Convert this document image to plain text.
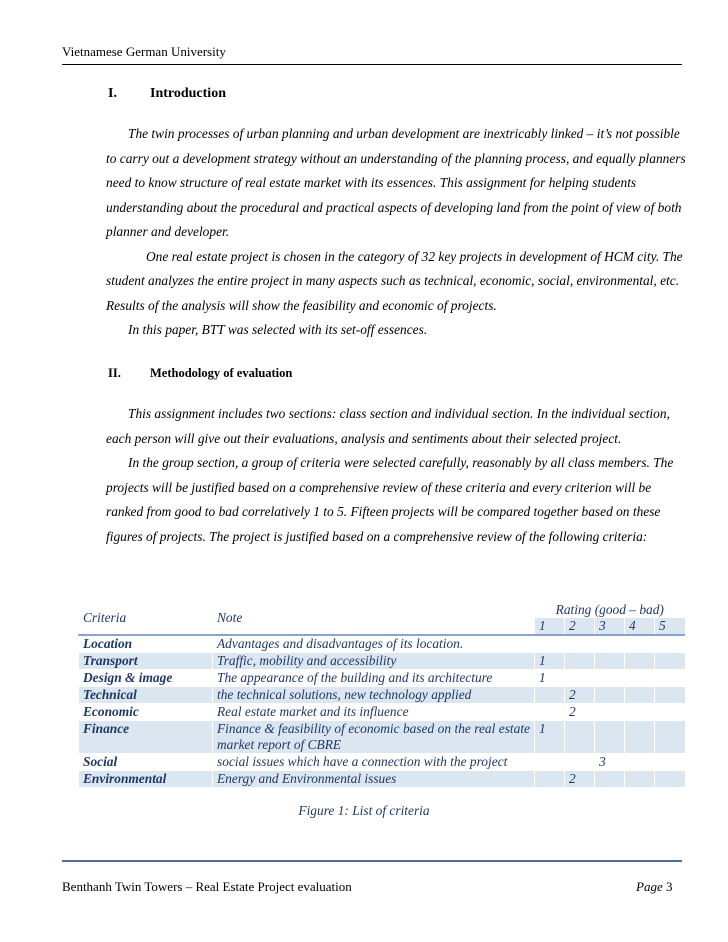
Vietnamese German University
I. Introduction

The twin processes of urban planning and urban development are inextricably linked – it’s not possible to carry out a development strategy without an understanding of the planning process, and equally planners need to know structure of real estate market with its essences. This assignment for helping students understanding about the procedural and practical aspects of developing land from the point of view of both planner and developer.

One real estate project is chosen in the category of 32 key projects in development of HCM city. The student analyzes the entire project in many aspects such as technical, economic, social, environmental, etc. Results of the analysis will show the feasibility and economic of projects.

In this paper, BTT was selected with its set-off essences.

II. Methodology of evaluation

This assignment includes two sections: class section and individual section. In the individual section, each person will give out their evaluations, analysis and sentiments about their selected project.

In the group section, a group of criteria were selected carefully, reasonably by all class members. The projects will be justified based on a comprehensive review of these criteria and every criterion will be ranked from good to bad correlatively 1 to 5. Fifteen projects will be compared together based on these figures of projects. The project is justified based on a comprehensive review of the following criteria:

Criteria	Note	Rating (good – bad)				
		1	2	3	4	5
Location	Advantages and disadvantages of its location.					
Transport	Traffic, mobility and accessibility	1				
Design & image	The appearance of the building and its architecture	1				
Technical	the technical solutions, new technology applied		2			
Economic	Real estate market and its influence		2			
Finance	Finance & feasibility of economic based on the real estate market report of CBRE	1				
Social	social issues which have a connection with the project			3		
Environmental	Energy and Environmental issues		2			
Figure 1: List of criteria
Benthanh Twin Towers – Real Estate Project evaluation	Page 3
